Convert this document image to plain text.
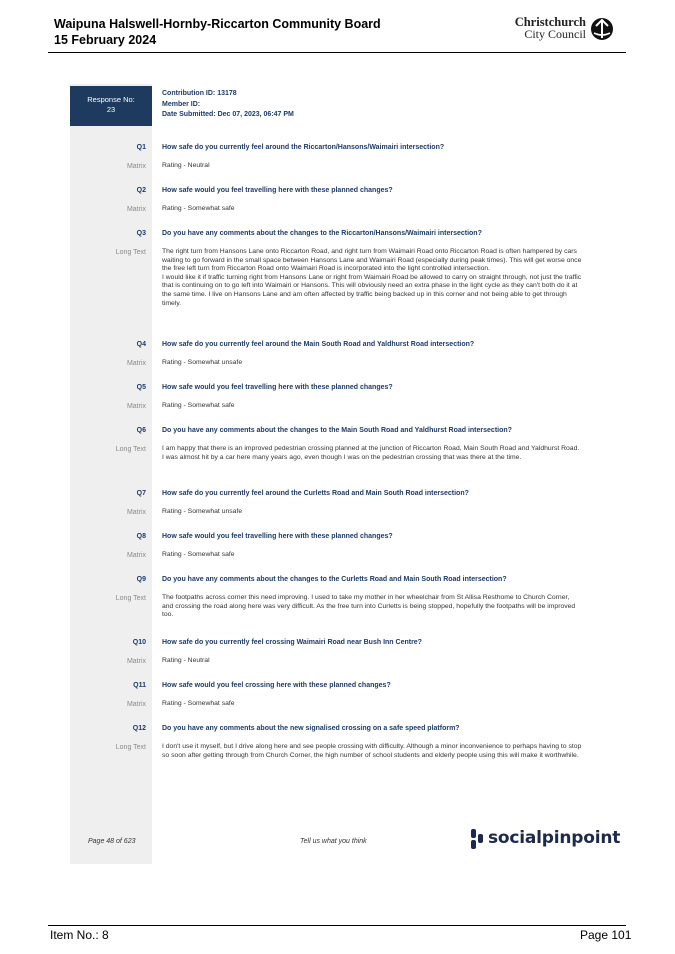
Waipuna Halswell-Hornby-Riccarton Community Board
15 February 2024
Christchurch
City Council
Response No:
23
Contribution ID: 13178
Member ID:
Date Submitted: Dec 07, 2023, 06:47 PM
Q1 How safe do you currently feel around the Riccarton/Hansons/Waimairi intersection?
Matrix Rating - Neutral
Q2 How safe would you feel travelling here with these planned changes?
Matrix Rating - Somewhat safe
Q3 Do you have any comments about the changes to the Riccarton/Hansons/Waimairi intersection?
Long Text The right turn from Hansons Lane onto Riccarton Road, and right turn from Waimairi Road onto Riccarton Road is often hampered by cars waiting to go forward in the small space between Hansons Lane and Waimairi Road (especially during peak times). This will get worse once the free left turn from Riccarton Road onto Waimairi Road is incorporated into the light controlled intersection.
I would like it if traffic turning right from Hansons Lane or right from Waimairi Road be allowed to carry on straight through, not just the traffic that is continuing on to go left into Waimairi or Hansons. This will obviously need an extra phase in the light cycle as they can't both do it at the same time. I live on Hansons Lane and am often affected by traffic being backed up in this corner and not being able to get through timely.
Q4 How safe do you currently feel around the Main South Road and Yaldhurst Road intersection?
Matrix Rating - Somewhat unsafe
Q5 How safe would you feel travelling here with these planned changes?
Matrix Rating - Somewhat safe
Q6 Do you have any comments about the changes to the Main South Road and Yaldhurst Road intersection?
Long Text I am happy that there is an improved pedestrian crossing planned at the junction of Riccarton Road, Main South Road and Yaldhurst Road. I was almost hit by a car here many years ago, even though I was on the pedestrian crossing that was there at the time.
Q7 How safe do you currently feel around the Curletts Road and Main South Road intersection?
Matrix Rating - Somewhat unsafe
Q8 How safe would you feel travelling here with these planned changes?
Matrix Rating - Somewhat safe
Q9 Do you have any comments about the changes to the Curletts Road and Main South Road intersection?
Long Text The footpaths across corner this need improving. I used to take my mother in her wheelchair from St Allisa Resthome to Church Corner, and crossing the road along here was very difficult. As the free turn into Curletts is being stopped, hopefully the footpaths will be improved too.
Q10 How safe do you currently feel crossing Waimairi Road near Bush Inn Centre?
Matrix Rating - Neutral
Q11 How safe would you feel crossing here with these planned changes?
Matrix Rating - Somewhat safe
Q12 Do you have any comments about the new signalised crossing on a safe speed platform?
Long Text I don't use it myself, but I drive along here and see people crossing with difficulty. Although a minor inconvenience to perhaps having to stop so soon after getting through from Church Corner, the high number of school students and elderly people using this will make it worthwhile.
Page 48 of 623	Tell us what you think	socialpinpoint
Item No.: 8	Page 101
